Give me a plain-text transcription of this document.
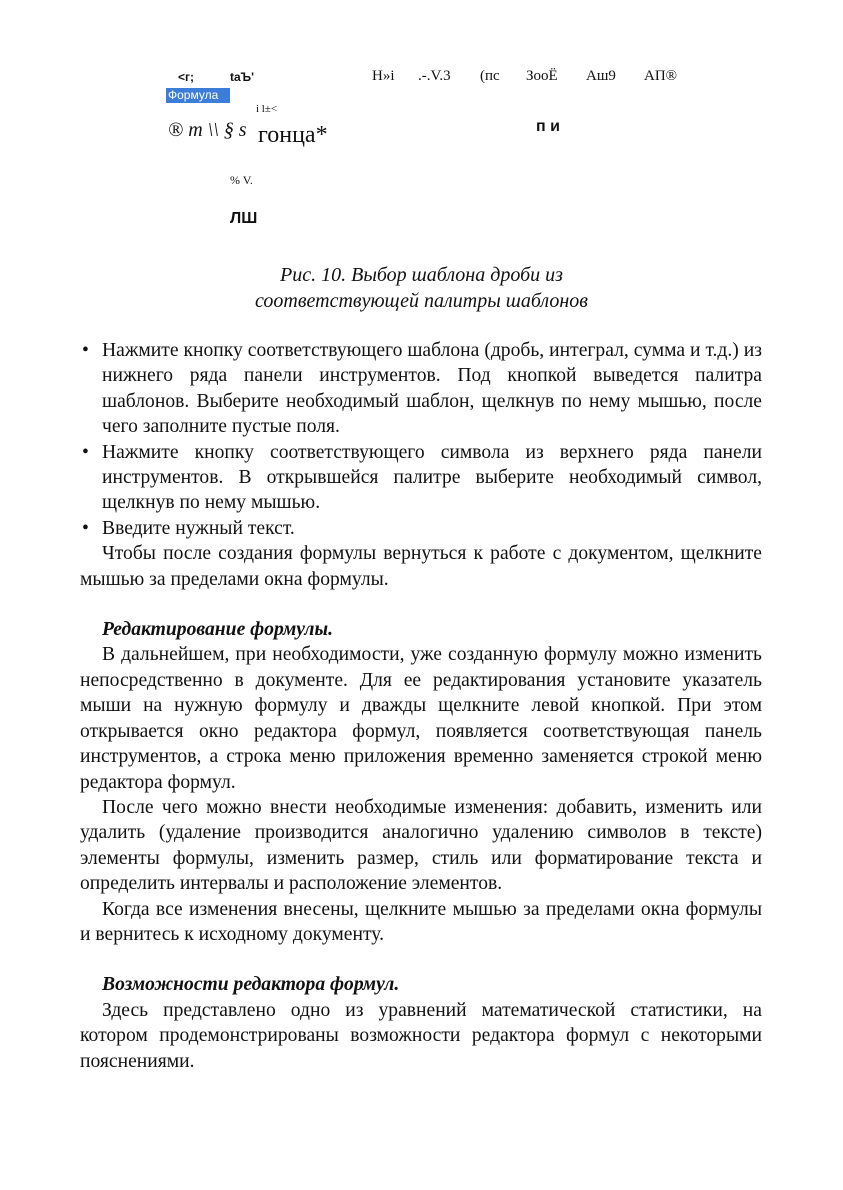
<г;	tаЪ'	Н»i .-.V.3 (пс ЗооЁ Аш9 АП®
Формула
i l±<
® m \\ § s гонца*	п и
% V.
ЛШ
Рис. 10. Выбор шаблона дроби из
соответствующей палитры шаблонов

• Нажмите кнопку соответствующего шаблона (дробь, интеграл, сумма и т.д.) из нижнего ряда панели инструментов. Под кнопкой выведется палитра шаблонов. Выберите необходимый шаблон, щелкнув по нему мышью, после чего заполните пустые поля.

• Нажмите кнопку соответствующего символа из верхнего ряда панели инструментов. В открывшейся палитре выберите необходимый символ, щелкнув по нему мышью.

• Введите нужный текст.

Чтобы после создания формулы вернуться к работе с документом, щелкните мышью за пределами окна формулы.

Редактирование формулы.

В дальнейшем, при необходимости, уже созданную формулу можно изменить непосредственно в документе. Для ее редактирования установите указатель мыши на нужную формулу и дважды щелкните левой кнопкой. При этом открывается окно редактора формул, появляется соответствующая панель инструментов, а строка меню приложения временно заменяется строкой меню редактора формул.

После чего можно внести необходимые изменения: добавить, изменить или удалить (удаление производится аналогично удалению символов в тексте) элементы формулы, изменить размер, стиль или форматирование текста и определить интервалы и расположение элементов.

Когда все изменения внесены, щелкните мышью за пределами окна формулы и вернитесь к исходному документу.

Возможности редактора формул.

Здесь представлено одно из уравнений математической статистики, на котором продемонстрированы возможности редактора формул с некоторыми пояснениями.
